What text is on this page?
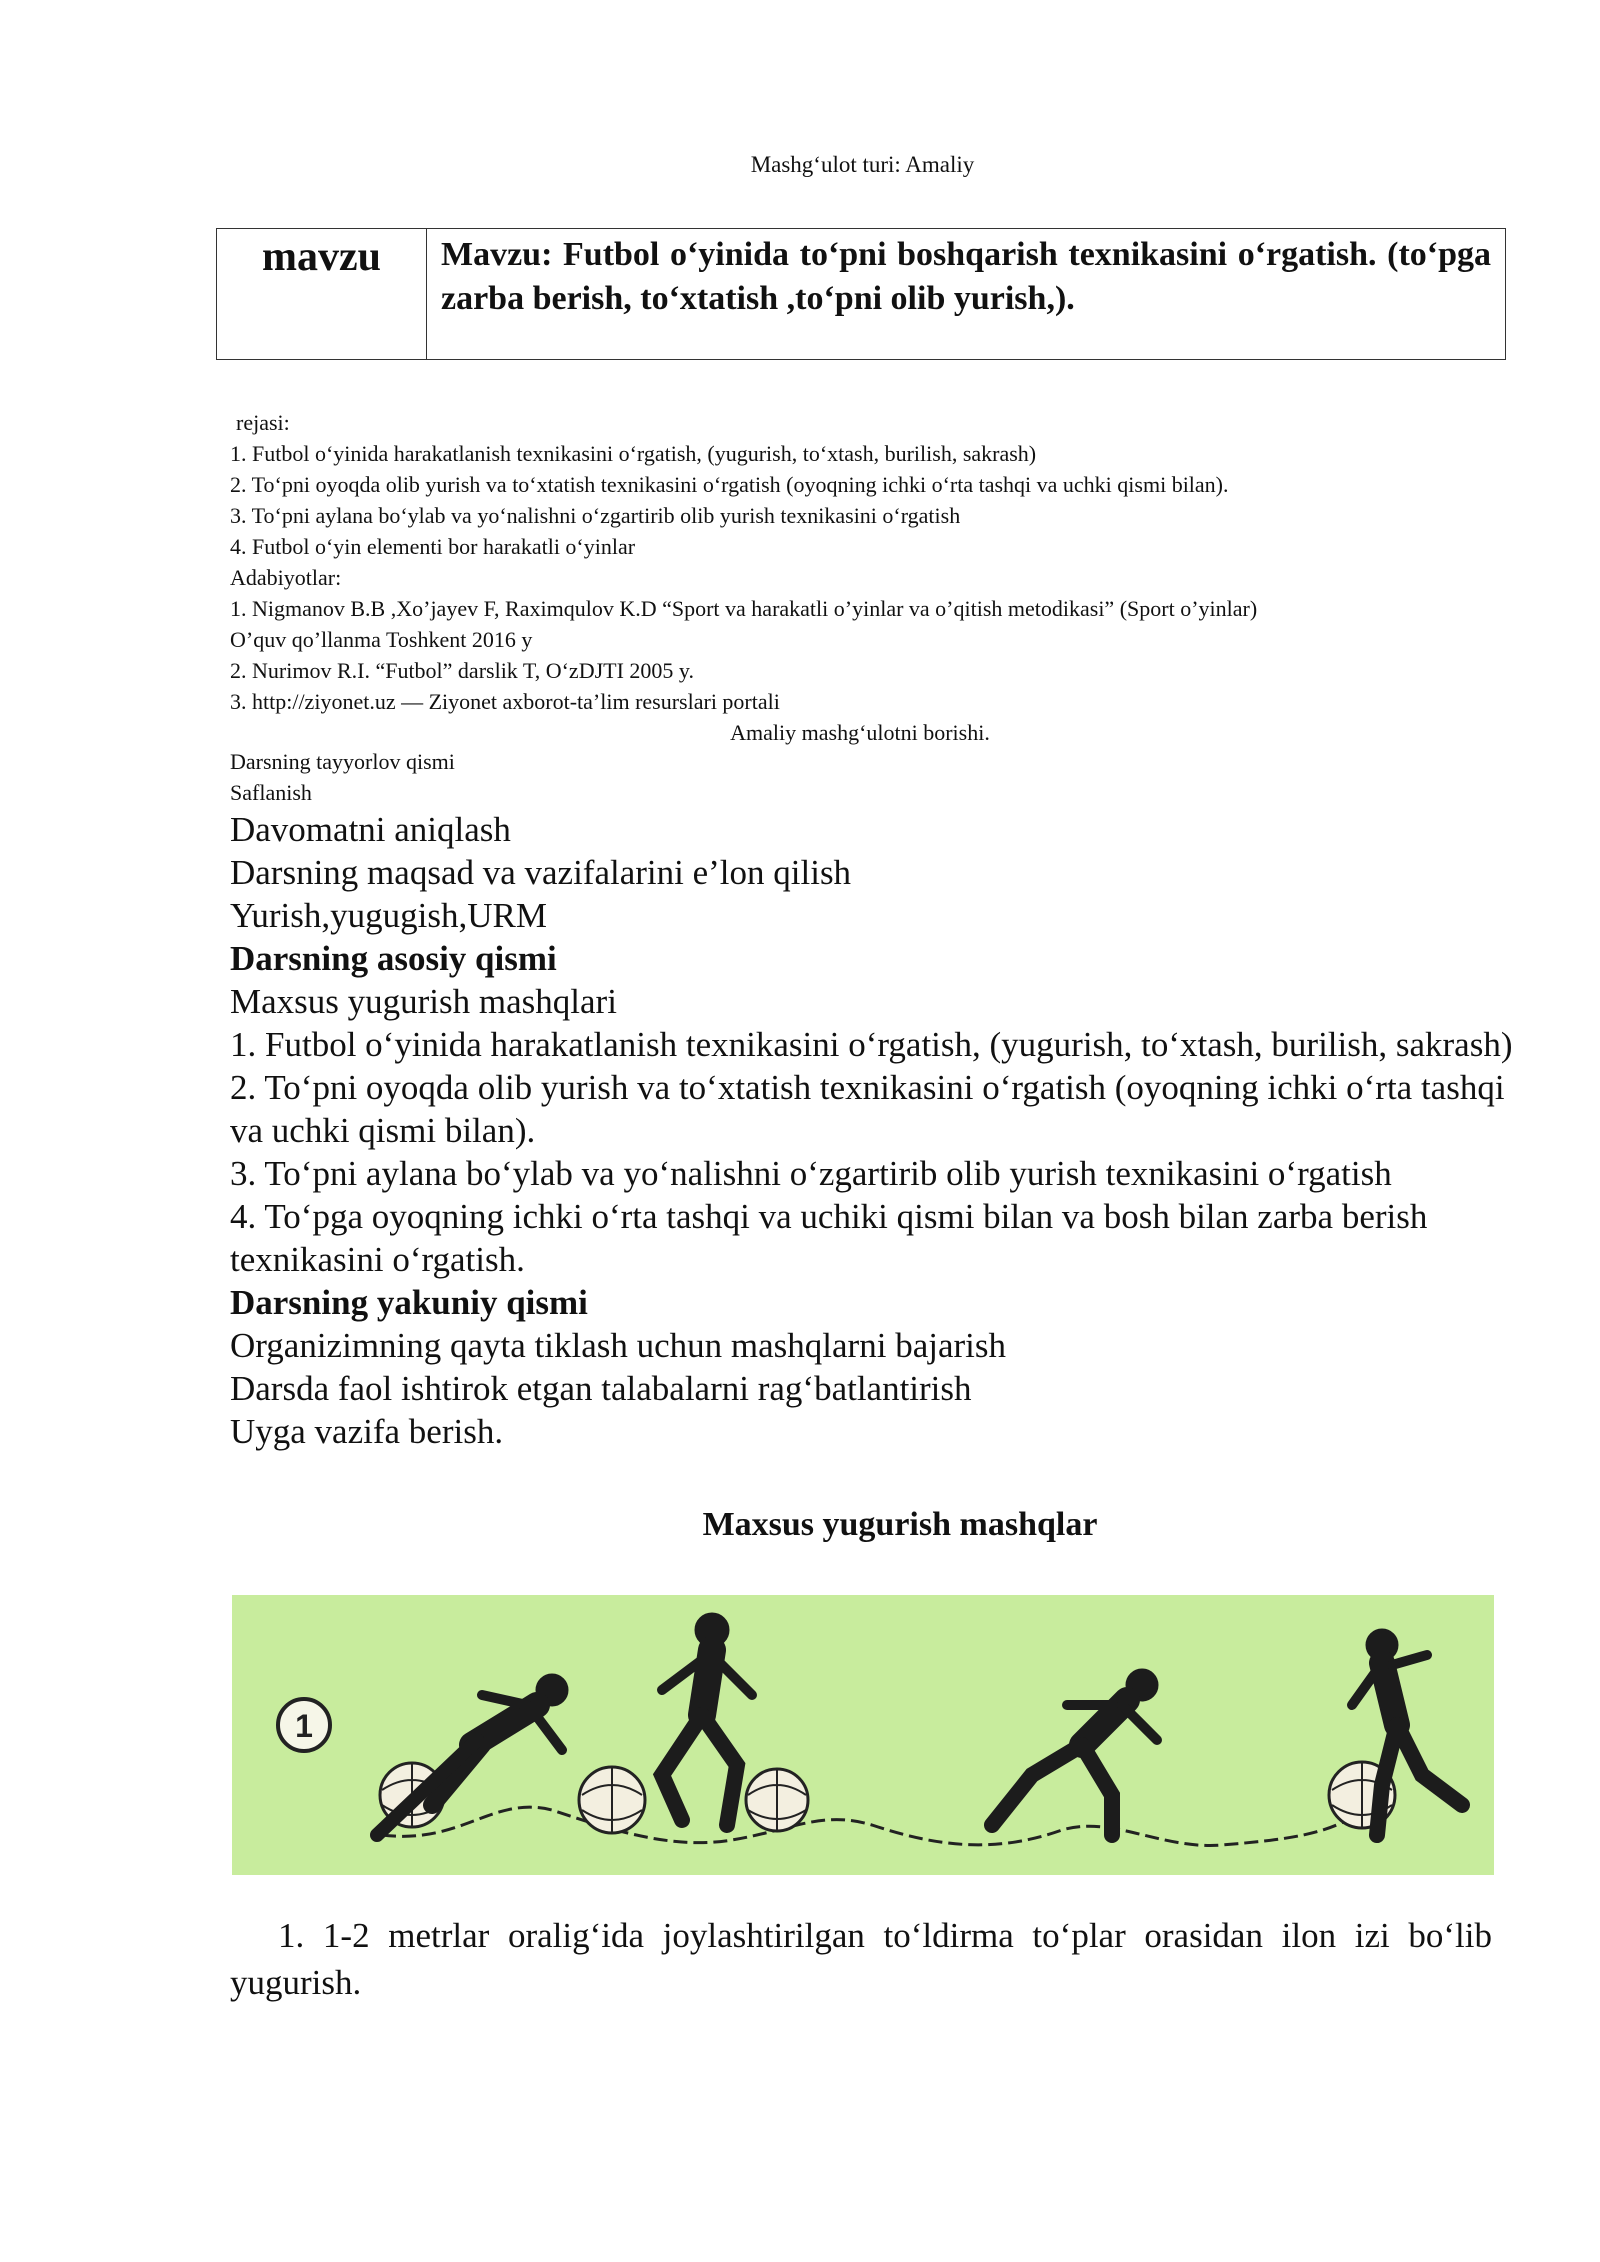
Mashg‘ulot turi: Amaliy
mavzu	Mavzu: Futbol o‘yinida to‘pni boshqarish texnikasini o‘rgatish. (to‘pga zarba berish, to‘xtatish ,to‘pni olib yurish,).
rejasi:
1. Futbol o‘yinida harakatlanish texnikasini o‘rgatish, (yugurish, to‘xtash, burilish, sakrash)
2. To‘pni oyoqda olib yurish va to‘xtatish texnikasini o‘rgatish (oyoqning ichki o‘rta tashqi va uchki qismi bilan).
3. To‘pni aylana bo‘ylab va yo‘nalishni o‘zgartirib olib yurish texnikasini o‘rgatish
4. Futbol o‘yin elementi bor harakatli o‘yinlar
Adabiyotlar:
1. Nigmanov B.B ,Xo’jayev F, Raximqulov K.D “Sport va harakatli o’yinlar va o’qitish metodikasi” (Sport o’yinlar)
O’quv qo’llanma Toshkent 2016 y
2. Nurimov R.I. “Futbol” darslik T, O‘zDJTI 2005 y.
3. http://ziyonet.uz — Ziyonet axborot-ta’lim resurslari portali
Amaliy mashg‘ulotni borishi.
Darsning tayyorlov qismi
Saflanish
Davomatni aniqlash
Darsning maqsad va vazifalarini e’lon qilish
Yurish,yugugish,URM
Darsning asosiy qismi
Maxsus yugurish mashqlari
1. Futbol o‘yinida harakatlanish texnikasini o‘rgatish, (yugurish, to‘xtash, burilish, sakrash)
2. To‘pni oyoqda olib yurish va to‘xtatish texnikasini o‘rgatish (oyoqning ichki o‘rta tashqi va uchki qismi bilan).
3. To‘pni aylana bo‘ylab va yo‘nalishni o‘zgartirib olib yurish texnikasini o‘rgatish
4. To‘pga oyoqning ichki o‘rta tashqi va uchiki qismi bilan va bosh bilan zarba berish texnikasini o‘rgatish.
Darsning yakuniy qismi
Organizimning qayta tiklash uchun mashqlarni bajarish
Darsda faol ishtirok etgan talabalarni rag‘batlantirish
Uyga vazifa berish.
Maxsus yugurish mashqlar
1
1. 1-2 metrlar oralig‘ida joylashtirilgan to‘ldirma to‘plar orasidan ilon izi bo‘lib yugurish.
